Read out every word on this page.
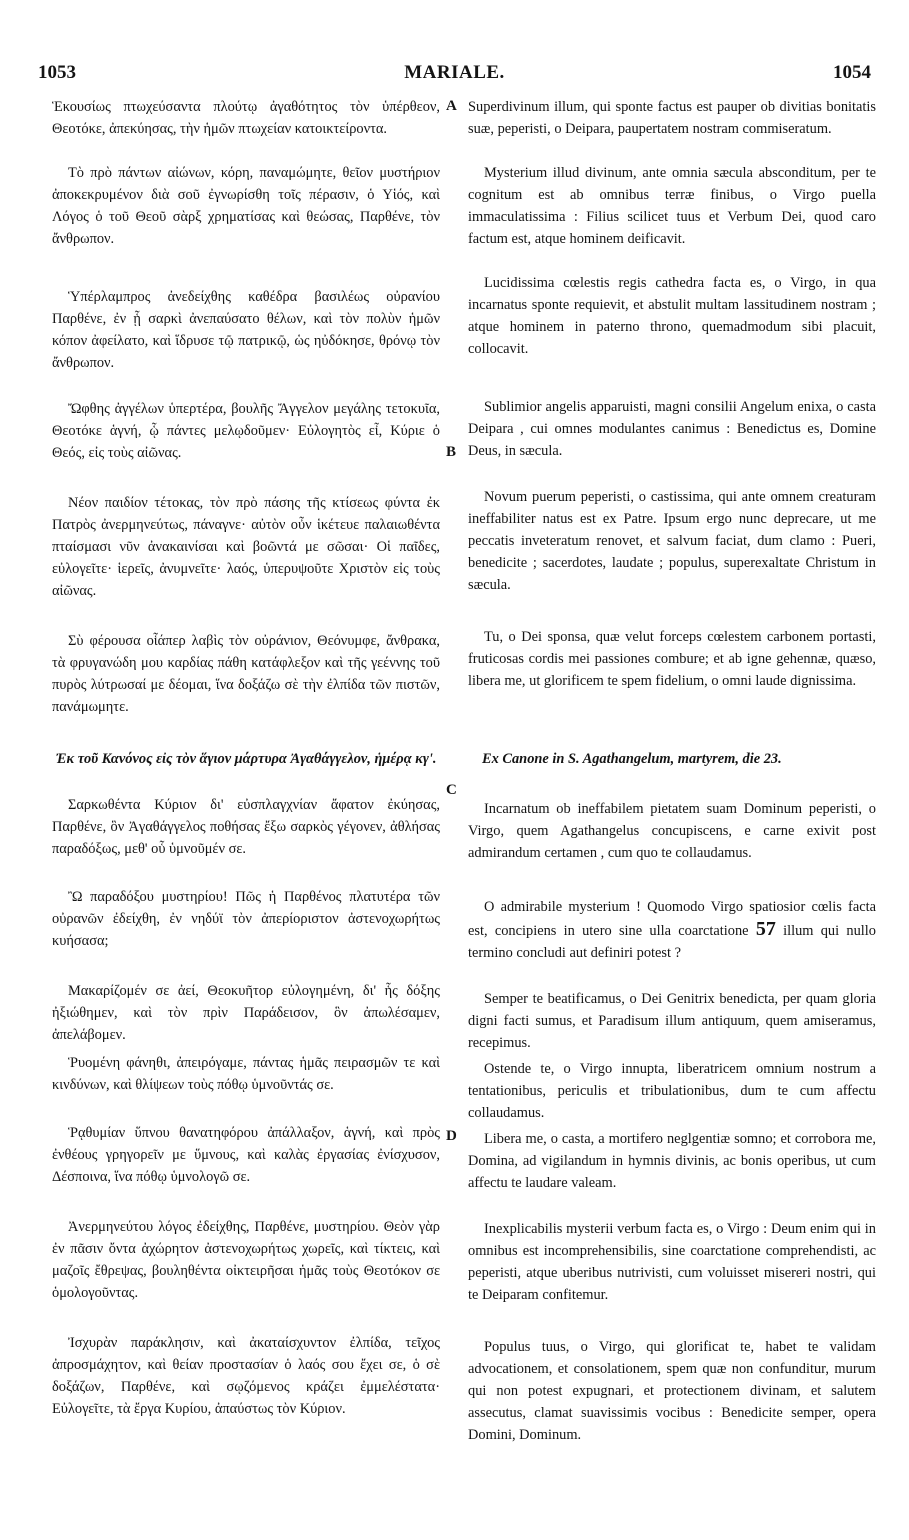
1053	MARIALE.	1054
A
B
C
D

Ἑκουσίως πτωχεύσαντα πλούτῳ ἀγαθότητος τὸν ὑπέρθεον, Θεοτόκε, ἀπεκύησας, τὴν ἡμῶν πτωχείαν κατοικτείροντα.

Τὸ πρὸ πάντων αἰώνων, κόρη, παναμώμητε, θεῖον μυστήριον ἀποκεκρυμένον διὰ σοῦ ἐγνωρίσθη τοῖς πέρασιν, ὁ Υἱός, καὶ Λόγος ὁ τοῦ Θεοῦ σὰρξ χρηματίσας καὶ θεώσας, Παρθένε, τὸν ἄνθρωπον.

Ὑπέρλαμπρος ἀνεδείχθης καθέδρα βασιλέως οὐρανίου Παρθένε, ἐν ᾗ σαρκὶ ἀνεπαύσατο θέλων, καὶ τὸν πολὺν ἡμῶν κόπον ἀφείλατο, καὶ ἵδρυσε τῷ πατρικῷ, ὡς ηὐδόκησε, θρόνῳ τὸν ἄνθρωπον.

Ὤφθης ἀγγέλων ὑπερτέρα, βουλῆς Ἄγγελον μεγάλης τετοκυῖα, Θεοτόκε ἁγνή, ᾧ πάντες μελῳδοῦμεν· Εὐλογητὸς εἶ, Κύριε ὁ Θεός, εἰς τοὺς αἰῶνας.

Νέον παιδίον τέτοκας, τὸν πρὸ πάσης τῆς κτίσεως φύντα ἐκ Πατρὸς ἀνερμηνεύτως, πάναγνε· αὐτὸν οὖν ἱκέτευε παλαιωθέντα πταίσμασι νῦν ἀνακαινίσαι καὶ βοῶντά με σῶσαι· Οἱ παῖδες, εὐλογεῖτε· ἱερεῖς, ἀνυμνεῖτε· λαός, ὑπερυψοῦτε Χριστὸν εἰς τοὺς αἰῶνας.

Σὺ φέρουσα οἷάπερ λαβὶς τὸν οὐράνιον, Θεόνυμφε, ἄνθρακα, τὰ φρυγανώδη μου καρδίας πάθη κατάφλεξον καὶ τῆς γεέννης τοῦ πυρὸς λύτρωσαί με δέομαι, ἵνα δοξάζω σὲ τὴν ἐλπίδα τῶν πιστῶν, πανάμωμητε.

Ἐκ τοῦ Κανόνος εἰς τὸν ἅγιον μάρτυρα Ἀγαθάγγελον, ἡμέρᾳ κγ'.

Σαρκωθέντα Κύριον δι' εὐσπλαγχνίαν ἄφατον ἐκύησας, Παρθένε, ὃν Ἀγαθάγγελος ποθήσας ἔξω σαρκὸς γέγονεν, ἀθλήσας παραδόξως, μεθ' οὗ ὑμνοῦμέν σε.

Ὢ παραδόξου μυστηρίου! Πῶς ἡ Παρθένος πλατυτέρα τῶν οὐρανῶν ἐδείχθη, ἐν νηδύϊ τὸν ἀπερίοριστον ἀστενοχωρήτως κυήσασα;

Μακαρίζομέν σε ἀεί, Θεοκυῆτορ εὐλογημένη, δι' ἧς δόξης ἠξιώθημεν, καὶ τὸν πρὶν Παράδεισον, ὃν ἀπωλέσαμεν, ἀπελάβομεν.

Ῥυομένη φάνηθι, ἀπειρόγαμε, πάντας ἡμᾶς πειρασμῶν τε καὶ κινδύνων, καὶ θλίψεων τοὺς πόθῳ ὑμνοῦντάς σε.

Ῥᾳθυμίαν ὕπνου θανατηφόρου ἀπάλλαξον, ἁγνή, καὶ πρὸς ἐνθέους γρηγορεῖν με ὕμνους, καὶ καλὰς ἐργασίας ἐνίσχυσον, Δέσποινα, ἵνα πόθῳ ὑμνολογῶ σε.

Ἀνερμηνεύτου λόγος ἐδείχθης, Παρθένε, μυστηρίου. Θεὸν γὰρ ἐν πᾶσιν ὄντα ἀχώρητον ἀστενοχωρήτως χωρεῖς, καὶ τίκτεις, καὶ μαζοῖς ἔθρεψας, βουληθέντα οἰκτειρῆσαι ἡμᾶς τοὺς Θεοτόκον σε ὁμολογοῦντας.

Ἰσχυρὰν παράκλησιν, καὶ ἀκαταίσχυντον ἐλπίδα, τεῖχος ἀπροσμάχητον, καὶ θείαν προστασίαν ὁ λαός σου ἔχει σε, ὁ σὲ δοξάζων, Παρθένε, καὶ σῳζόμενος κράζει ἐμμελέστατα· Εὐλογεῖτε, τὰ ἔργα Κυρίου, ἀπαύστως τὸν Κύριον.

Superdivinum illum, qui sponte factus est pauper ob divitias bonitatis suæ, peperisti, o Deipara, paupertatem nostram commiseratum.

Mysterium illud divinum, ante omnia sæcula absconditum, per te cognitum est ab omnibus terræ finibus, o Virgo puella immaculatissima : Filius scilicet tuus et Verbum Dei, quod caro factum est, atque hominem deificavit.

Lucidissima cœlestis regis cathedra facta es, o Virgo, in qua incarnatus sponte requievit, et abstulit multam lassitudinem nostram ; atque hominem in paterno throno, quemadmodum sibi placuit, collocavit.

Sublimior angelis apparuisti, magni consilii Angelum enixa, o casta Deipara , cui omnes modulantes canimus : Benedictus es, Domine Deus, in sæcula.

Novum puerum peperisti, o castissima, qui ante omnem creaturam ineffabiliter natus est ex Patre. Ipsum ergo nunc deprecare, ut me peccatis inveteratum renovet, et salvum faciat, dum clamo : Pueri, benedicite ; sacerdotes, laudate ; populus, superexaltate Christum in sæcula.

Tu, o Dei sponsa, quæ velut forceps cœlestem carbonem portasti, fruticosas cordis mei passiones combure; et ab igne gehennæ, quæso, libera me, ut glorificem te spem fidelium, o omni laude dignissima.

Ex Canone in S. Agathangelum, martyrem, die 23.

Incarnatum ob ineffabilem pietatem suam Dominum peperisti, o Virgo, quem Agathangelus concupiscens, e carne exivit post admirandum certamen , cum quo te collaudamus.

O admirabile mysterium ! Quomodo Virgo spatiosior cœlis facta est, concipiens in utero sine ulla coarctatione 57 illum qui nullo termino concludi aut definiri potest ?

Semper te beatificamus, o Dei Genitrix benedicta, per quam gloria digni facti sumus, et Paradisum illum antiquum, quem amiseramus, recepimus.

Ostende te, o Virgo innupta, liberatricem omnium nostrum a tentationibus, periculis et tribulationibus, dum te cum affectu collaudamus.

Libera me, o casta, a mortifero neglgentiæ somno; et corrobora me, Domina, ad vigilandum in hymnis divinis, ac bonis operibus, ut cum affectu te laudare valeam.

Inexplicabilis mysterii verbum facta es, o Virgo : Deum enim qui in omnibus est incomprehensibilis, sine coarctatione comprehendisti, ac peperisti, atque uberibus nutrivisti, cum voluisset misereri nostri, qui te Deiparam confitemur.

Populus tuus, o Virgo, qui glorificat te, habet te validam advocationem, et consolationem, spem quæ non confunditur, murum qui non potest expugnari, et protectionem divinam, et salutem assecutus, clamat suavissimis vocibus : Benedicite semper, opera Domini, Dominum.
